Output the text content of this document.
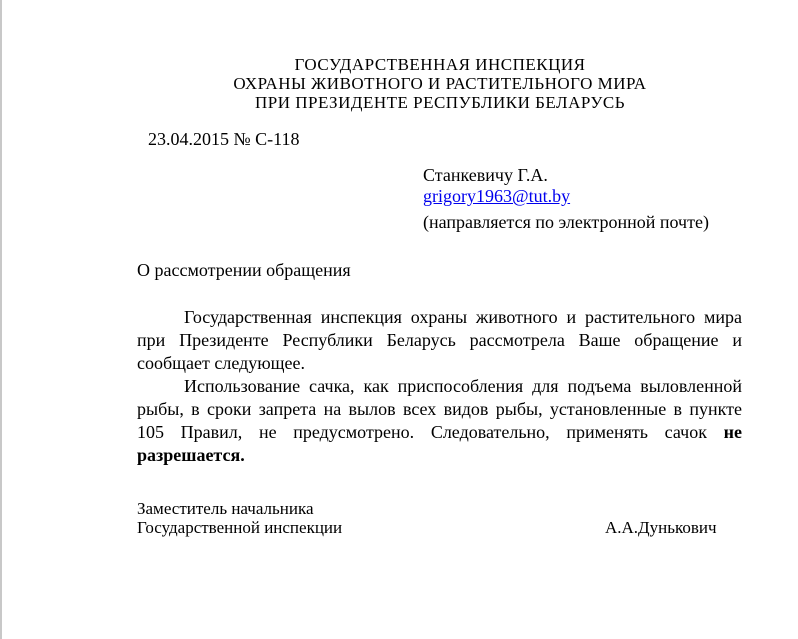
ГОСУДАРСТВЕННАЯ ИНСПЕКЦИЯ
ОХРАНЫ ЖИВОТНОГО И РАСТИТЕЛЬНОГО МИРА
ПРИ ПРЕЗИДЕНТЕ РЕСПУБЛИКИ БЕЛАРУСЬ
23.04.2015 № С-118
Станкевичу Г.А.
grigory1963@tut.by
(направляется по электронной почте)
О рассмотрении обращения

Государственная инспекция охраны животного и растительного мира при Президенте Республики Беларусь рассмотрела Ваше обращение и сообщает следующее.

Использование сачка, как приспособления для подъема выловленной рыбы, в сроки запрета на вылов всех видов рыбы, установленные в пункте 105 Правил, не предусмотрено. Следовательно, применять сачок не разрешается.

Заместитель начальника
Государственной инспекции	А.А.Дунькович
